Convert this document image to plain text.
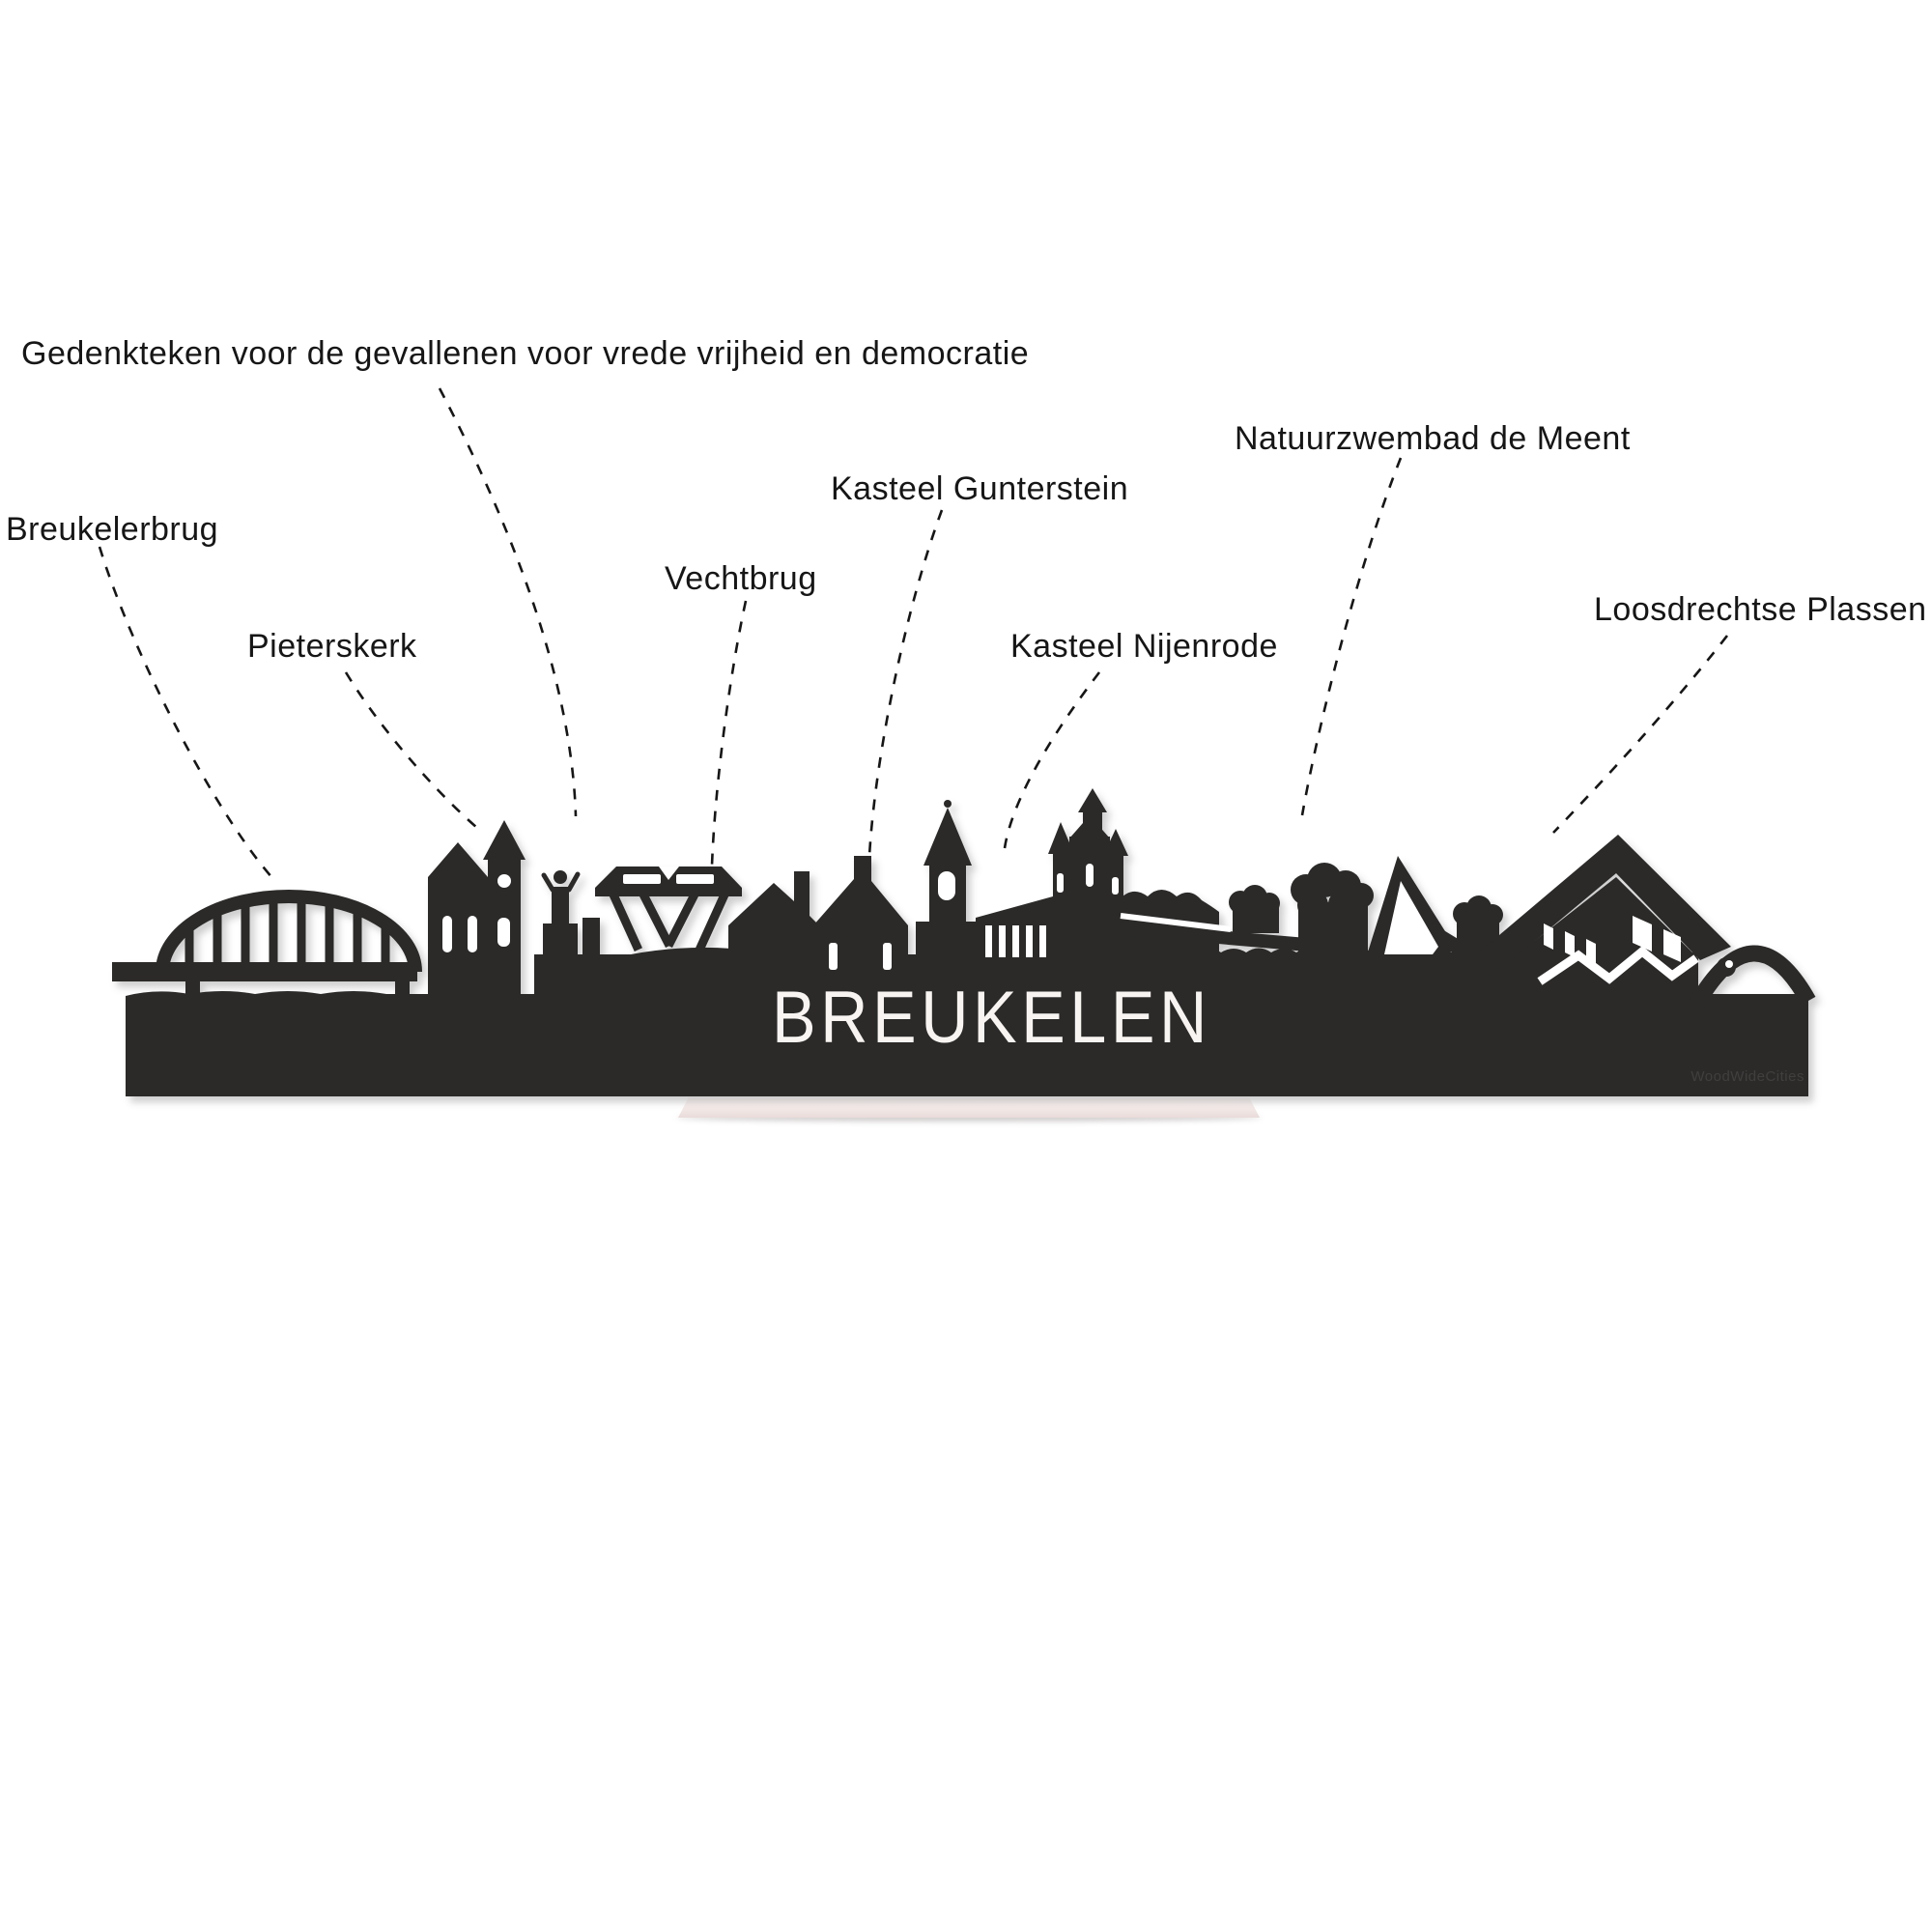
Gedenkteken voor de gevallenen voor vrede vrijheid en democratie
Natuurzwembad de Meent
Kasteel Gunterstein
Breukelerbrug
Vechtbrug
Loosdrechtse Plassen
Pieterskerk	Kasteel Nijenrode
BREUKELEN
WoodWideCities
